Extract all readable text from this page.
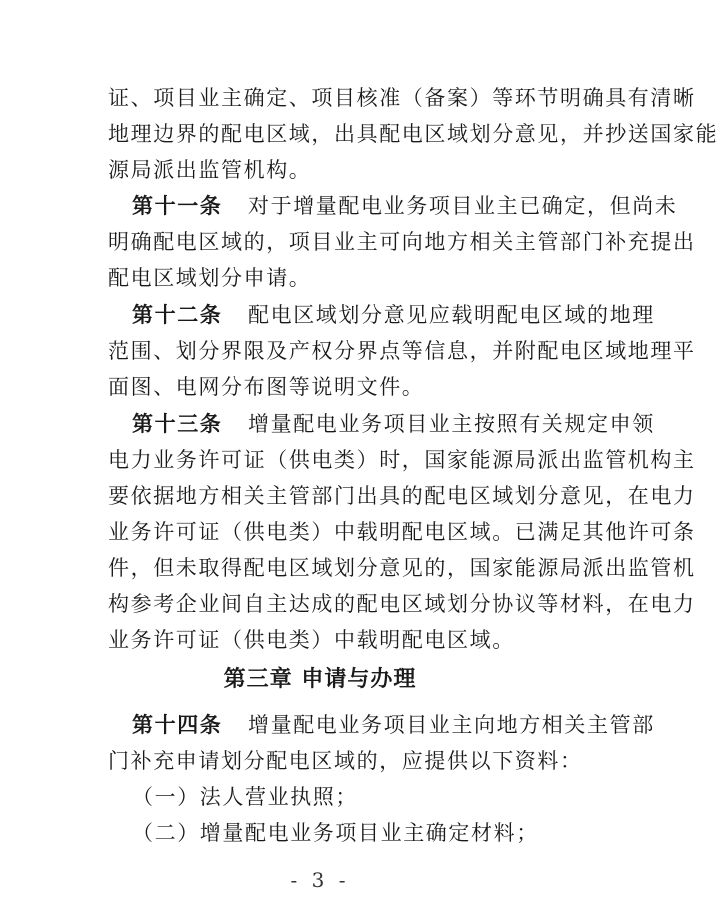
证、项目业主确定、项目核准（备案）等环节明确具有清晰
地理边界的配电区域，出具配电区域划分意见，并抄送国家能
源局派出监管机构。
第十一条 对于增量配电业务项目业主已确定，但尚未
明确配电区域的，项目业主可向地方相关主管部门补充提出
配电区域划分申请。
第十二条 配电区域划分意见应载明配电区域的地理
范围、划分界限及产权分界点等信息，并附配电区域地理平
面图、电网分布图等说明文件。
第十三条 增量配电业务项目业主按照有关规定申领
电力业务许可证（供电类）时，国家能源局派出监管机构主
要依据地方相关主管部门出具的配电区域划分意见，在电力
业务许可证（供电类）中载明配电区域。已满足其他许可条
件，但未取得配电区域划分意见的，国家能源局派出监管机
构参考企业间自主达成的配电区域划分协议等材料，在电力
业务许可证（供电类）中载明配电区域。
第三章 申请与办理
第十四条 增量配电业务项目业主向地方相关主管部
门补充申请划分配电区域的，应提供以下资料：
（一）法人营业执照；
（二）增量配电业务项目业主确定材料；
- 3 -
